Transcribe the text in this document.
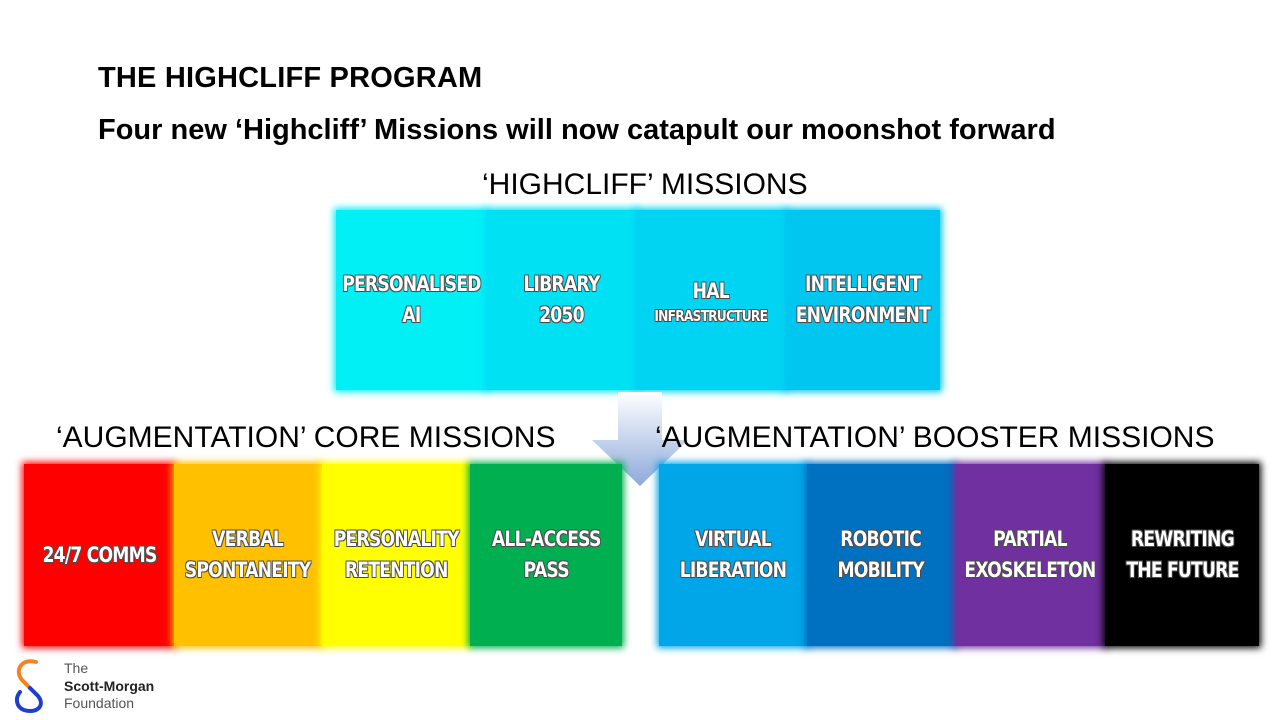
THE HIGHCLIFF PROGRAM
Four new ‘Highcliff’ Missions will now catapult our moonshot forward
‘HIGHCLIFF’ MISSIONS
PERSONALISED
AI
LIBRARY
2050
HAL
INFRASTRUCTURE
INTELLIGENT
ENVIRONMENT
‘AUGMENTATION’ CORE MISSIONS	‘AUGMENTATION’ BOOSTER MISSIONS
24/7 COMMS
VERBAL
SPONTANEITY
PERSONALITY
RETENTION
ALL-ACCESS
PASS
VIRTUAL
LIBERATION
ROBOTIC
MOBILITY
PARTIAL
EXOSKELETON
REWRITING
THE FUTURE
The
Scott-Morgan
Foundation
